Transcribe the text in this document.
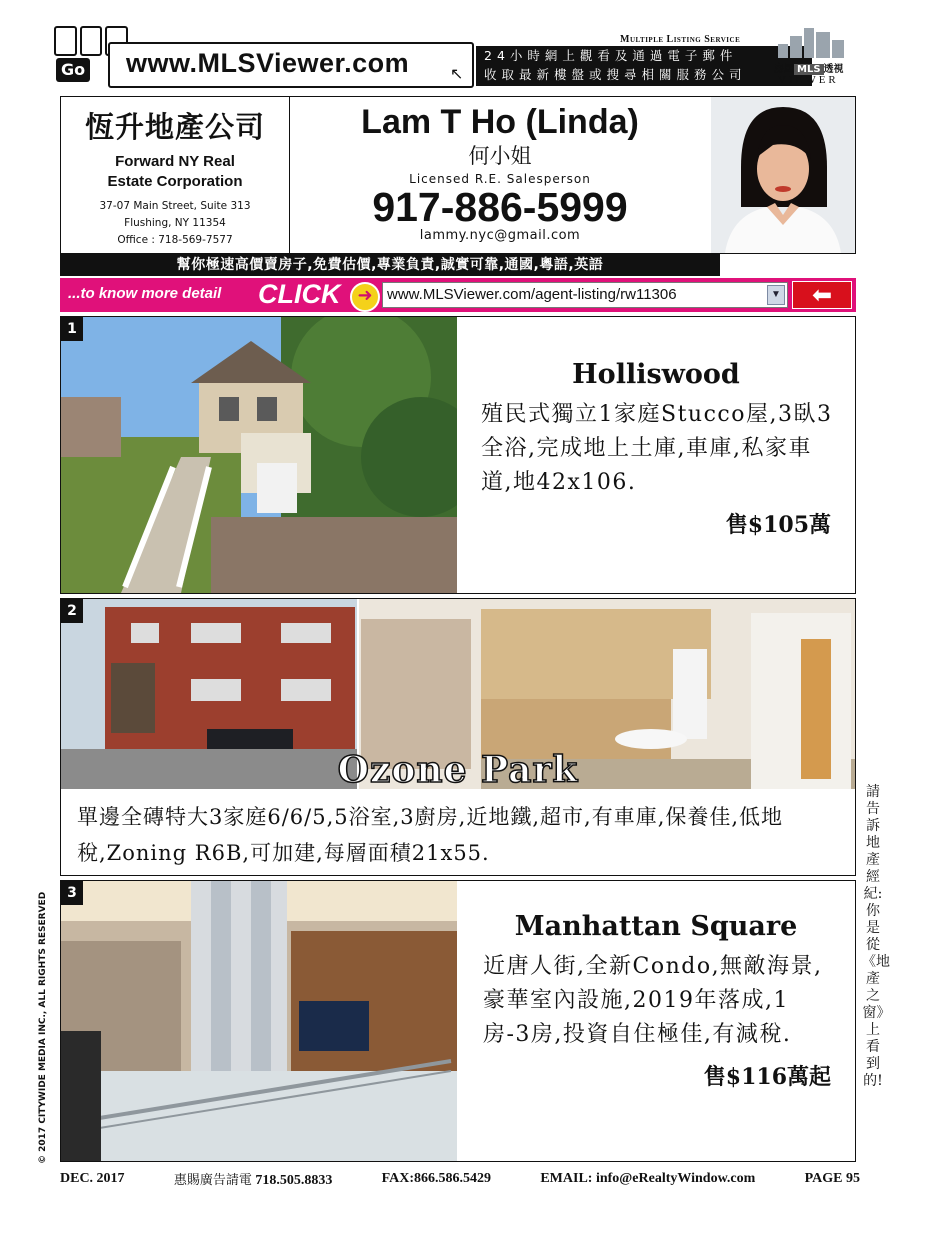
Go www.MLSViewer.com	↖
24小時網上觀看及通過電子郵件
收取最新樓盤或搜尋相關服務公司
Multiple Listing Service
房屋 MLS 透視
VIEWER
恆升地產公司
Forward NY Real
Estate Corporation
37-07 Main Street, Suite 313
Flushing, NY 11354
Office : 718-569-7577
Lam T Ho (Linda)
何小姐
Licensed R.E. Salesperson
917-886-5999
lammy.nyc@gmail.com
幫你極速高價賣房子,免費估價,專業負責,誠實可靠,通國,粵語,英語
...to know more detail CLICK ➜ www.MLSViewer.com/agent-listing/rw11306	▼	⬅
1
Holliswood
殖民式獨立1家庭Stucco屋,3臥3全浴,完成地上土庫,車庫,私家車道,地42x106.
售$105萬
2
Ozone Park
單邊全磚特大3家庭6/6/5,5浴室,3廚房,近地鐵,超市,有車庫,保養佳,低地稅,Zoning R6B,可加建,每層面積21x55.
3
Manhattan Square
近唐人街,全新Condo,無敵海景,豪華室內設施,2019年落成,1房-3房,投資自住極佳,有減稅.
售$116萬起
請告訴地產經紀:你是從《地產之窗》上看到的!
© 2017 CITYWIDE MEDIA INC., ALL RIGHTS RESERVED
DEC. 2017	惠賜廣告請電 718.505.8833	FAX:866.586.5429	EMAIL: info@eRealtyWindow.com	PAGE 95
